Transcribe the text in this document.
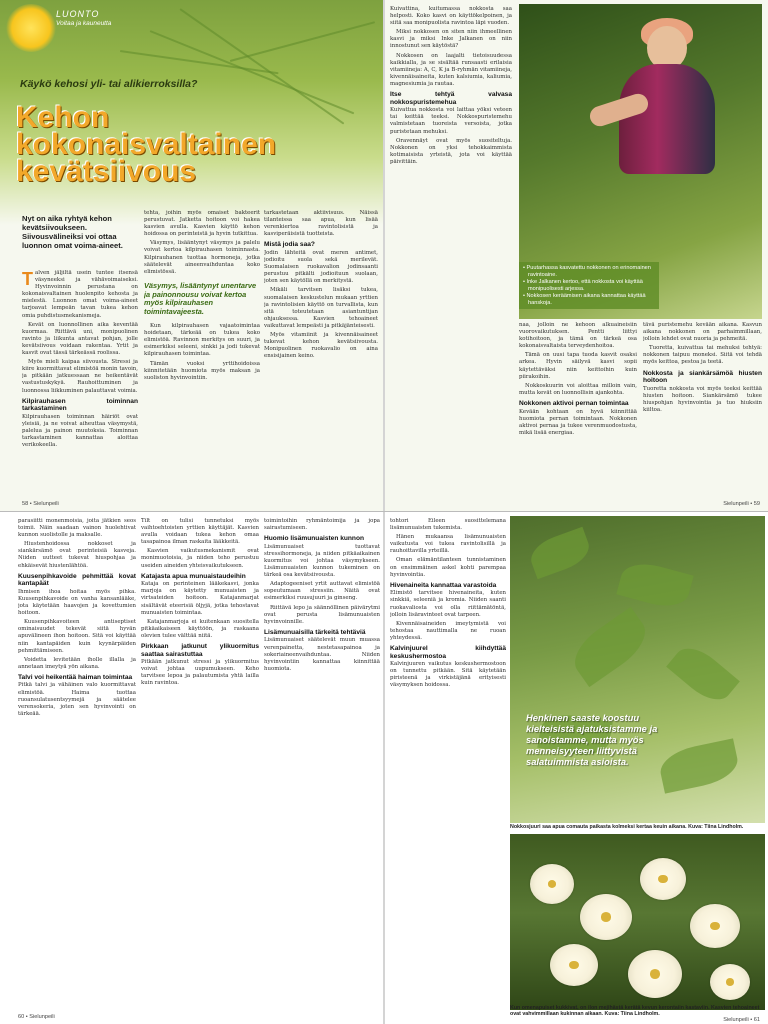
LUONTO
Voitaa ja kauneutta
Käykö kehosi yli- tai alikierroksilla?
Kehon
kokonaisvaltainen
kevätsiivous
Nyt on aika ryhtyä kehon kevätsiivoukseen. Siivousvälineiksi voi ottaa luonnon omat voima-aineet.

Talven jäljiltä usein tuntee itsensä väsyneeksi ja vähävoimaiseksi. Hyvinvoinnin perustana on kokonaisvaltainen huolenpito kehosta ja mielestä. Luonnon omat voima-aineet tarjoavat lempeän tavan tukea kehon omia puhdistusmekanismeja.

Kevät on luonnollinen aika keventää kuormaa. Riittävä uni, monipuolinen ravinto ja liikunta antavat pohjan, jolle kevätsiivous voidaan rakentaa. Yrtit ja kasvit ovat tässä tärkeässä roolissa.

Myös mieli kaipaa siivousta. Stressi ja kiire kuormittavat elimistöä monin tavoin, ja pitkään jatkuessaan ne heikentävät vastustuskykyä. Rauhoittuminen ja luonnossa liikkuminen palauttavat voimia.

Kilpirauhasen toiminnan tarkastaminen

Kilpirauhasen toiminnan häiriöt ovat yleisiä, ja ne voivat aiheuttaa väsymystä, palelua ja painon muutoksia. Toiminnan tarkastaminen kannattaa aloittaa verikokeella.

tehta, joihin myös omaiset bakteerit perustuvat. Jatketta hoitoon voi hakea kasvien avulla. Kasvien käyttö kehon hoidossa on perinteistä ja hyvin tutkittua.

Väsymys, lisääntynyt väsymys ja palelu voivat kertoa kilpirauhasen toiminnasta. Kilpirauhanen tuottaa hormoneja, jotka säätelevät aineenvaihduntaa koko elimistössä.

Väsymys, lisääntynyt unentarve ja painonnousu voivat kertoa myös kilpirauhasen toimintavajeesta.

Kun kilpirauhasen vajaatoimintaa hoidetaan, tärkeää on tukea koko elimistöä. Ravinnon merkitys on suuri, ja esimerkiksi seleeni, sinkki ja jodi tukevat kilpirauhasen toimintaa.

Tämän vuoksi yrttihoidoissa kiinnitetään huomiota myös maksan ja suoliston hyvinvointiin.

tarkastetaan aktiivisuus. Näissä tilanteissa saa apua, kun lisää verenkiertoa ravintolisistä ja kasviperäisistä tuotteista.

Mistä jodia saa?

Jodin lähteitä ovat meren antimet, jodioitu suola sekä merilevät. Suomalaisen ruokavalion jodinsaanti perustuu pitkälti jodioituun suolaan, joten sen käytöllä on merkitystä.

Mikäli tarvitsen lisäksi tukea, suomalaisen keskustelun mukaan yrttien ja ravintolisien käyttö on turvallista, kun sitä toteutetaan asiantuntijan ohjauksessa. Kasvien tehoaineet vaikuttavat lempeästi ja pitkäjänteisesti.

Myös vitamiinit ja kivennäisaineet tukevat kehon kevätsiivousta. Monipuolinen ruokavalio on aina ensisijainen keino.

58 • Sielunpeili

Kuivattina, kuitumassa nokkosta saa helposti. Koko kasvi on käyttökelpoinen, ja siitä saa monipuolista ravintoa läpi vuoden.

Miksi nokkosen on siten niin ihmeellinen kasvi ja miksi Inke Jalkanen on niin innostunut sen käytöstä?

Nokkosen on laajalti tietoisuudessa kaikkialla, ja se sisältää runsaasti erilaisia vitamiineja: A, C, K ja B-ryhmän vitamiineja, kivennäisaineita, kuten kalsiumia, kaliumia, magnesiumia ja rautaa.

Itse tehtyä valvasa nokkospuristemehua

Kuivattua nokkosta voi laittaa yöksi veteen tai keittää teeksi. Nokkospuristemehu valmistetaan tuoreista versoista, jotka puristetaan mehuksi.

Oravennäyt ovat myös suositeltuja. Nokkonen on yksi tehokkaimmista kotimaisista yrteistä, jota voi käyttää päivittäin.

• Puutarhassa kasvatettu nokkonen on erinomainen ravintoaine.

• Inke Jalkanen kertoo, että nokkosta voi käyttää monipuolisesti arjessa.

• Nokkosen keräämisen aikana kannattaa käyttää hanskoja.

naa, jolloin ne kehoon alkuaineisiin vuorovaikutuksen. Pentti liittyi kotihoitoon, ja tämä on tärkeä osa kokonaisvaltaista terveydenhoitoa.

Tämä on uusi tapa tuoda kasvit osaksi arkea. Hyvin säilyvä kasvi sopii käytettäväksi niin keittoihin kuin piirakoihin.

Nokkoskuurin voi aloittaa milloin vain, mutta kevät on luonnollisin ajankohta.

Nokkonen aktivoi pernan toimintaa

Kevään kohtaan on hyvä kiinnittää huomiota pernan toimintaan. Nokkonen aktivoi pernaa ja tukee verenmuodostusta, mikä lisää energiaa.

tävä puristemehu kevään aikana. Kasvun aikana nokkonen on parhaimmillaan, jolloin lehdet ovat nuoria ja pehmeitä.

Tuoretta, kuivattua tai mehuksi tehtyä: nokkonen taipuu moneksi. Siitä voi tehdä myös keittoa, pestoa ja teetä.

Nokkosta ja siankärsämöä hiusten hoitoon

Tuoretta nokkosta voi myös teeksi keittää hiusten hoitoon. Siankärsämö tukee hiuspohjan hyvinvointia ja tuo hiuksiin kiiltoa.

Sielunpeili • 59

parasiitti monenmoisia, joita jätkien seos toimii. Näin saadaan vainon huolehtivat kunnon suolistolle ja maksalle.

Hiustenhoidossa nokkoset ja siankärsämö ovat perinteisiä kasveja. Niiden uutteet tukevat hiuspohjaa ja ehkäisevät hiustenlähtöä.

Kuusenpihkavoide pehmittää kovat kantapäät

Ihmisen ihoa hoitaa myös pihka. Kuusenpihkavoide on vanha kansanlääke, jota käytetään haavojen ja kovettumien hoitoon.

Kuusenpihkavoiteen antiseptiset ominaisuudet tekevät siitä hyvän apuvälineen ihon hoitoon. Sitä voi käyttää niin kantapäiden kuin kyynärpäiden pehmittämiseen.

Voidetta levitetään iholle illalla ja annetaan imeytyä yön aikana.

Talvi voi heikentää haiman toimintaa

Pitkä talvi ja vähäinen valo kuormittavat elimistöä. Haima tuottaa ruoansulatusentsyymejä ja säätelee verensokeria, joten sen hyvinvointi on tärkeää.

Tilt on tulisi tunnetuksi myös vaihtoehtoisten yrttien käyttäjät. Kasvien avulla voidaan tukea kehon omaa tasapainoa ilman raskaita lääkkeitä.

Kasvien vaikutusmekanismit ovat monimuotoisia, ja niiden teho perustuu useiden aineiden yhteisvaikutukseen.

Katajasta apua munuaistaudeihin

Kataja on perinteinen lääkekasvi, jonka marjoja on käytetty munuaisten ja virtsateiden hoitoon. Katajanmarjat sisältävät eteerisiä öljyjä, jotka tehostavat munuaisten toimintaa.

Katajanmarjoja ei kuitenkaan suositella pitkäaikaiseen käyttöön, ja raskaana olevien tulee välttää niitä.

Pirkkaan jatkunut ylikuormitus saattaa sairastuttaa

Pitkään jatkunut stressi ja ylikuormitus voivat johtaa uupumukseen. Keho tarvitsee lepoa ja palautumista yhtä lailla kuin ravintoa.

toimintoihin ryhmäntoimija ja jopa sairastumiseen.

Huomio lisämunuaisten kunnon

Lisämunuaiset tuottavat stressihormoneja, ja niiden pitkäaikainen kuormitus voi johtaa väsymykseen. Lisämunuaisten kunnon tukeminen on tärkeä osa kevätsiivousta.

Adaptogeeniset yrtit auttavat elimistöä sopeutumaan stressiin. Näitä ovat esimerkiksi ruusujuuri ja ginseng.

Riittävä lepo ja säännöllinen päivärytmi ovat perusta lisämunuaisten hyvinvoinnille.

Lisämunuaisilla tärkeitä tehtäviä

Lisämunuaiset säätelevät muun muassa verenpainetta, nestetasapainoa ja sokeriaineenvaihduntaa. Niiden hyvinvointiin kannattaa kiinnittää huomiota.

60 • Sielunpeili

tohtori Eileen suosittelemana lisämunuaisten tukemista.

Hänen mukaansa lisämunuaisten vaikutusta voi tukea ravintolisillä ja rauhoittavilla yrteillä.

Oman elämäntilanteen tunnistaminen on ensimmäinen askel kohti parempaa hyvinvointia.

Hivenaineita kannattaa varastoida

Elimistö tarvitsee hivenaineita, kuten sinkkiä, seleeniä ja kromia. Niiden saanti ruokavaliosta voi olla riittämätöntä, jolloin lisäravinteet ovat tarpeen.

Kivennäisaineiden imeytymistä voi tehostaa nauttimalla ne ruoan yhteydessä.

Kalvinjuurel kiihdyttää keskushermostoa

Kalvinjuuren vaikutus keskushermostoon on tunnettu pitkään. Sitä käytetään piristeenä ja virkistäjänä erityisesti väsymyksen hoidossa.

Henkinen saaste koostuu kielteisistä ajatuksistamme ja sanoistamme, mutta myös menneisyyteen liittyvistä salatuimmista asioista.
Nokkosjuuri saa apua comauta paikasta kolmeksi kertaa keuin aikana. Kuva: Tiina Lindholm.
Kun omenapuiset kukkivat, on ilon mejihästä kerätä kevun kerontaiin kastaviin. Kasvien tehoaineet ovat vahvimmillaan kukinnan aikaan. Kuva: Tiina Lindholm.
Sielunpeili • 61
